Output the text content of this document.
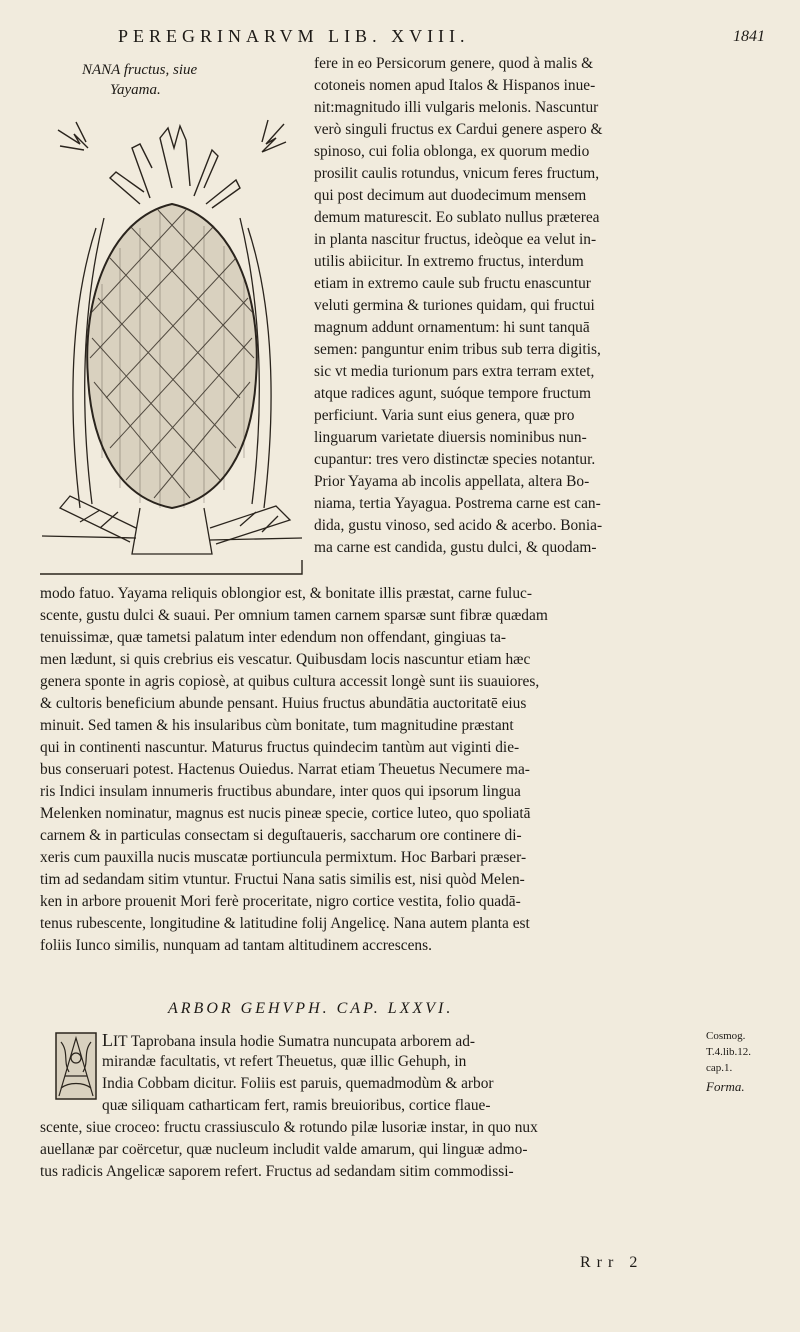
PEREGRINARVM LIB. XVIII.	1841
NANA fructus, siue
Yayama.
fere in eo Persicorum genere, quod à malis &
cotoneis nomen apud Italos & Hispanos inue-
nit:magnitudo illi vulgaris melonis. Nascuntur
verò singuli fructus ex Cardui genere aspero &
spinoso, cui folia oblonga, ex quorum medio
prosilit caulis rotundus, vnicum feres fructum,
qui post decimum aut duodecimum mensem
demum maturescit. Eo sublato nullus præterea
in planta nascitur fructus, ideòque ea velut in-
utilis abiicitur. In extremo fructus, interdum
etiam in extremo caule sub fructu enascuntur
veluti germina & turiones quidam, qui fructui
magnum addunt ornamentum: hi sunt tanquā
semen: panguntur enim tribus sub terra digitis,
sic vt media turionum pars extra terram extet,
atque radices agunt, suóque tempore fructum
perficiunt. Varia sunt eius genera, quæ pro
linguarum varietate diuersis nominibus nun-
cupantur: tres vero distinctæ species notantur.
Prior Yayama ab incolis appellata, altera Bo-
niama, tertia Yayagua. Postrema carne est can-
dida, gustu vinoso, sed acido & acerbo. Bonia-
ma carne est candida, gustu dulci, & quodam-
modo fatuo. Yayama reliquis oblongior est, & bonitate illis præstat, carne fuluc-
scente, gustu dulci & suaui. Per omnium tamen carnem sparsæ sunt fibræ quædam
tenuissimæ, quæ tametsi palatum inter edendum non offendant, gingiuas ta-
men lædunt, si quis crebrius eis vescatur. Quibusdam locis nascuntur etiam hæc
genera sponte in agris copiosè, at quibus cultura accessit longè sunt iis suauiores,
& cultoris beneficium abunde pensant. Huius fructus abundātia auctoritatē eius
minuit. Sed tamen & his insularibus cùm bonitate, tum magnitudine præstant
qui in continenti nascuntur. Maturus fructus quindecim tantùm aut viginti die-
bus conseruari potest. Hactenus Ouiedus. Narrat etiam Theuetus Necumere ma-
ris Indici insulam innumeris fructibus abundare, inter quos qui ipsorum lingua
Melenken nominatur, magnus est nucis pineæ specie, cortice luteo, quo spoliatā
carnem & in particulas consectam si deguſtaueris, saccharum ore continere di-
xeris cum pauxilla nucis muscatæ portiuncula permixtum. Hoc Barbari præser-
tim ad sedandam sitim vtuntur. Fructui Nana satis similis est, nisi quòd Melen-
ken in arbore prouenit Mori ferè proceritate, nigro cortice vestita, folio quadā-
tenus rubescente, longitudine & latitudine folij Angelicę. Nana autem planta est
foliis Iunco similis, nunquam ad tantam altitudinem accrescens.
ARBOR GEHVPH. CAP. LXXVI.
LIT Taprobana insula hodie Sumatra nuncupata arborem ad-
mirandæ facultatis, vt refert Theuetus, quæ illic Gehuph, in
India Cobbam dicitur. Foliis est paruis, quemadmodùm & arbor
quæ siliquam catharticam fert, ramis breuioribus, cortice flaue-
scente, siue croceo: fructu crassiusculo & rotundo pilæ lusoriæ instar, in quo nux
auellanæ par coërcetur, quæ nucleum includit valde amarum, qui linguæ admo-
tus radicis Angelicæ saporem refert. Fructus ad sedandam sitim commodissi-
Cosmog.
T.4.lib.12.
cap.1.
Forma.
Rrr 2
